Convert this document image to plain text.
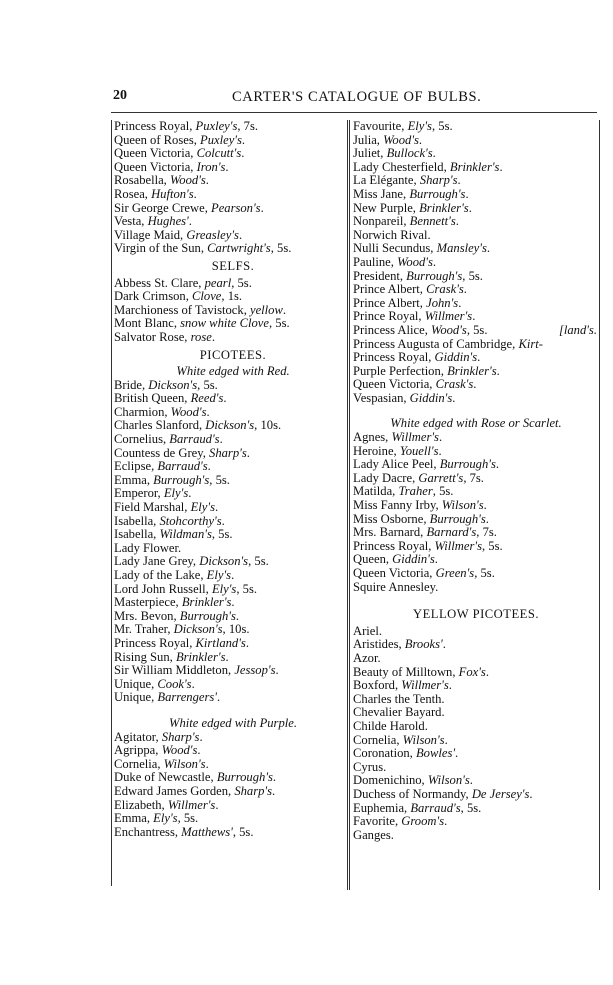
20	CARTER'S CATALOGUE OF BULBS.
Princess Royal, Puxley's, 7s.
Queen of Roses, Puxley's.
Queen Victoria, Colcutt's.
Queen Victoria, Iron's.
Rosabella, Wood's.
Rosea, Hufton's.
Sir George Crewe, Pearson's.
Vesta, Hughes'.
Village Maid, Greasley's.
Virgin of the Sun, Cartwright's, 5s.
SELFS.
Abbess St. Clare, pearl, 5s.
Dark Crimson, Clove, 1s.
Marchioness of Tavistock, yellow.
Mont Blanc, snow white Clove, 5s.
Salvator Rose, rose.
PICOTEES.
White edged with Red.
Bride, Dickson's, 5s.
British Queen, Reed's.
Charmion, Wood's.
Charles Slanford, Dickson's, 10s.
Cornelius, Barraud's.
Countess de Grey, Sharp's.
Eclipse, Barraud's.
Emma, Burrough's, 5s.
Emperor, Ely's.
Field Marshal, Ely's.
Isabella, Stohcorthy's.
Isabella, Wildman's, 5s.
Lady Flower.
Lady Jane Grey, Dickson's, 5s.
Lady of the Lake, Ely's.
Lord John Russell, Ely's, 5s.
Masterpiece, Brinkler's.
Mrs. Bevon, Burrough's.
Mr. Traher, Dickson's, 10s.
Princess Royal, Kirtland's.
Rising Sun, Brinkler's.
Sir William Middleton, Jessop's.
Unique, Cook's.
Unique, Barrengers'.
White edged with Purple.
Agitator, Sharp's.
Agrippa, Wood's.
Cornelia, Wilson's.
Duke of Newcastle, Burrough's.
Edward James Gorden, Sharp's.
Elizabeth, Willmer's.
Emma, Ely's, 5s.
Enchantress, Matthews', 5s.
Favourite, Ely's, 5s.
Julia, Wood's.
Juliet, Bullock's.
Lady Chesterfield, Brinkler's.
La Elégante, Sharp's.
Miss Jane, Burrough's.
New Purple, Brinkler's.
Nonpareil, Bennett's.
Norwich Rival.
Nulli Secundus, Mansley's.
Pauline, Wood's.
President, Burrough's, 5s.
Prince Albert, Crask's.
Prince Albert, John's.
Prince Royal, Willmer's.
Princess Alice, Wood's, 5s.	[land's.
Princess Augusta of Cambridge, Kirt-
Princess Royal, Giddin's.
Purple Perfection, Brinkler's.
Queen Victoria, Crask's.
Vespasian, Giddin's.
White edged with Rose or Scarlet.
Agnes, Willmer's.
Heroine, Youell's.
Lady Alice Peel, Burrough's.
Lady Dacre, Garrett's, 7s.
Matilda, Traher, 5s.
Miss Fanny Irby, Wilson's.
Miss Osborne, Burrough's.
Mrs. Barnard, Barnard's, 7s.
Princess Royal, Willmer's, 5s.
Queen, Giddin's.
Queen Victoria, Green's, 5s.
Squire Annesley.
YELLOW PICOTEES.
Ariel.
Aristides, Brooks'.
Azor.
Beauty of Milltown, Fox's.
Boxford, Willmer's.
Charles the Tenth.
Chevalier Bayard.
Childe Harold.
Cornelia, Wilson's.
Coronation, Bowles'.
Cyrus.
Domenichino, Wilson's.
Duchess of Normandy, De Jersey's.
Euphemia, Barraud's, 5s.
Favorite, Groom's.
Ganges.
